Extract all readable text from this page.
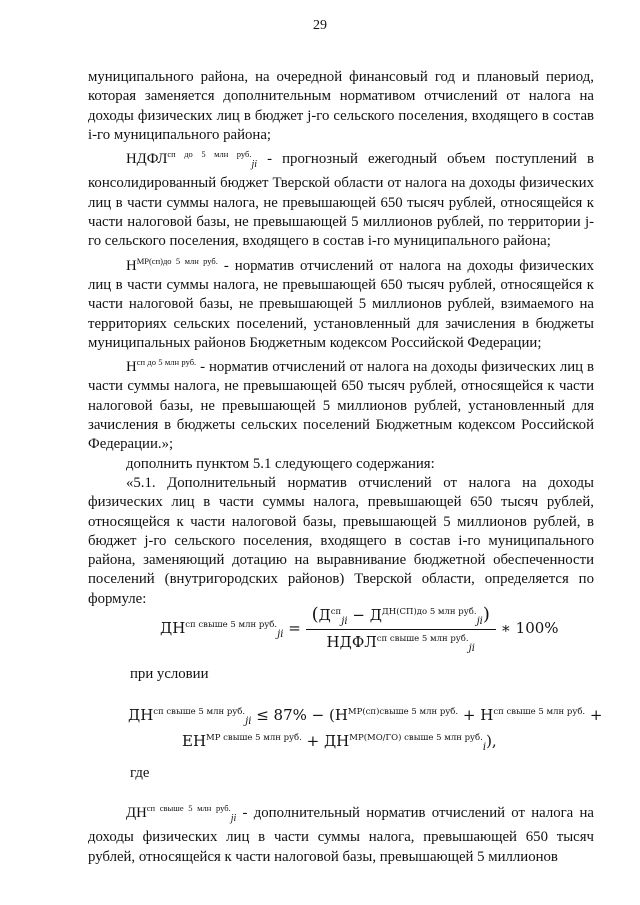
29

муниципального района, на очередной финансовый год и плановый период, которая заменяется дополнительным нормативом отчислений от налога на доходы физических лиц в бюджет j-го сельского поселения, входящего в состав i-го муниципального района;

$НДФЛ^{сп до 5 млн руб.}_{ji}$ - прогнозный ежегодный объем поступлений в консолидированный бюджет Тверской области от налога на доходы физических лиц в части суммы налога, не превышающей 650 тысяч рублей, относящейся к части налоговой базы, не превышающей 5 миллионов рублей, по территории j-го сельского поселения, входящего в состав i-го муниципального района;

$Н^{МР(сп)до 5 млн руб.}$ - норматив отчислений от налога на доходы физических лиц в части суммы налога, не превышающей 650 тысяч рублей, относящейся к части налоговой базы, не превышающей 5 миллионов рублей, взимаемого на территориях сельских поселений, установленный для зачисления в бюджеты муниципальных районов Бюджетным кодексом Российской Федерации;

$Н^{сп до 5 млн руб.}$ - норматив отчислений от налога на доходы физических лиц в части суммы налога, не превышающей 650 тысяч рублей, относящейся к части налоговой базы, не превышающей 5 миллионов рублей, установленный для зачисления в бюджеты сельских поселений Бюджетным кодексом Российской Федерации.»;

дополнить пунктом 5.1 следующего содержания:

«5.1. Дополнительный норматив отчислений от налога на доходы физических лиц в части суммы налога, превышающей 650 тысяч рублей, относящейся к части налоговой базы, превышающей 5 миллионов рублей, в бюджет j-го сельского поселения, входящего в состав i-го муниципального района, заменяющий дотацию на выравнивание бюджетной обеспеченности поселений (внутригородских районов) Тверской области, определяется по формуле:

$ДН^{сп свыше 5 млн руб.}_{ji} = \frac{(Д^{сп}_{ji} - Д^{ДН(СП)до 5 млн руб.}_{ji})}{НДФЛ^{сп свыше 5 млн руб.}_{ji}}$ ∗ 100%
при условии
$ДН^{сп свыше 5 млн руб.}_{ji} \le 87\% - (Н^{МР(сп)свыше 5 млн руб.} + Н^{сп свыше 5 млн руб.}$ +
$ЕН^{МР свыше 5 млн руб.} + ДН^{МР(МО/ГО) свыше 5 млн руб.}_i$),
где

$ДН^{сп свыше 5 млн руб.}_{ji}$ - дополнительный норматив отчислений от налога на доходы физических лиц в части суммы налога, превышающей 650 тысяч рублей, относящейся к части налоговой базы, превышающей 5 миллионов
